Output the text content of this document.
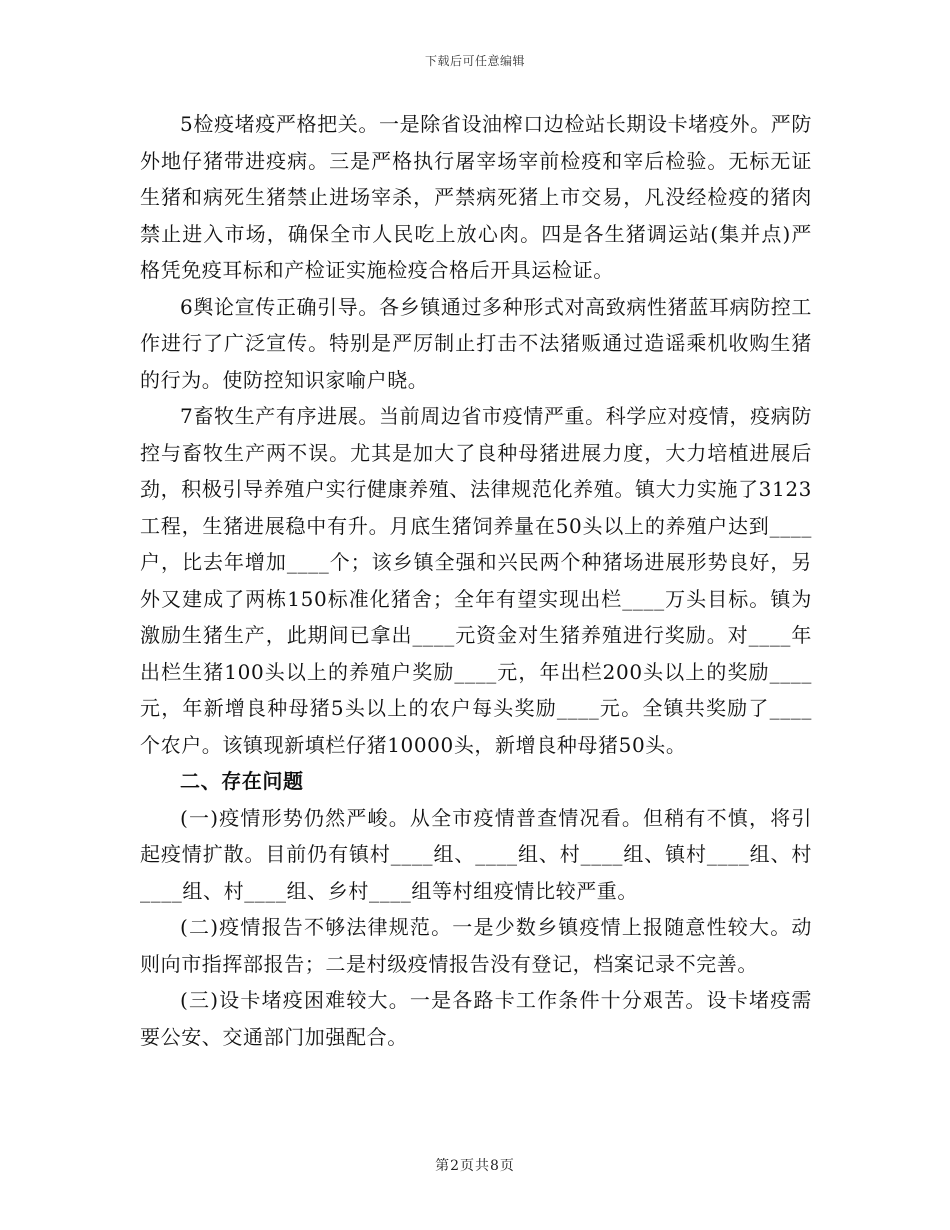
下载后可任意编辑

5检疫堵疫严格把关。一是除省设油榨口边检站长期设卡堵疫外。严防外地仔猪带进疫病。三是严格执行屠宰场宰前检疫和宰后检验。无标无证生猪和病死生猪禁止进场宰杀，严禁病死猪上市交易，凡没经检疫的猪肉禁止进入市场，确保全市人民吃上放心肉。四是各生猪调运站(集并点)严格凭免疫耳标和产检证实施检疫合格后开具运检证。

6舆论宣传正确引导。各乡镇通过多种形式对高致病性猪蓝耳病防控工作进行了广泛宣传。特别是严厉制止打击不法猪贩通过造谣乘机收购生猪的行为。使防控知识家喻户晓。

7畜牧生产有序进展。当前周边省市疫情严重。科学应对疫情，疫病防控与畜牧生产两不误。尤其是加大了良种母猪进展力度，大力培植进展后劲，积极引导养殖户实行健康养殖、法律规范化养殖。镇大力实施了3123工程，生猪进展稳中有升。月底生猪饲养量在50头以上的养殖户达到____户，比去年增加____个；该乡镇全强和兴民两个种猪场进展形势良好，另外又建成了两栋150标准化猪舍；全年有望实现出栏____万头目标。镇为激励生猪生产，此期间已拿出____元资金对生猪养殖进行奖励。对____年出栏生猪100头以上的养殖户奖励____元，年出栏200头以上的奖励____元，年新增良种母猪5头以上的农户每头奖励____元。全镇共奖励了____个农户。该镇现新填栏仔猪10000头，新增良种母猪50头。

二、存在问题

(一)疫情形势仍然严峻。从全市疫情普查情况看。但稍有不慎，将引起疫情扩散。目前仍有镇村____组、____组、村____组、镇村____组、村____组、村____组、乡村____组等村组疫情比较严重。

(二)疫情报告不够法律规范。一是少数乡镇疫情上报随意性较大。动则向市指挥部报告；二是村级疫情报告没有登记，档案记录不完善。

(三)设卡堵疫困难较大。一是各路卡工作条件十分艰苦。设卡堵疫需要公安、交通部门加强配合。

第2页共8页
